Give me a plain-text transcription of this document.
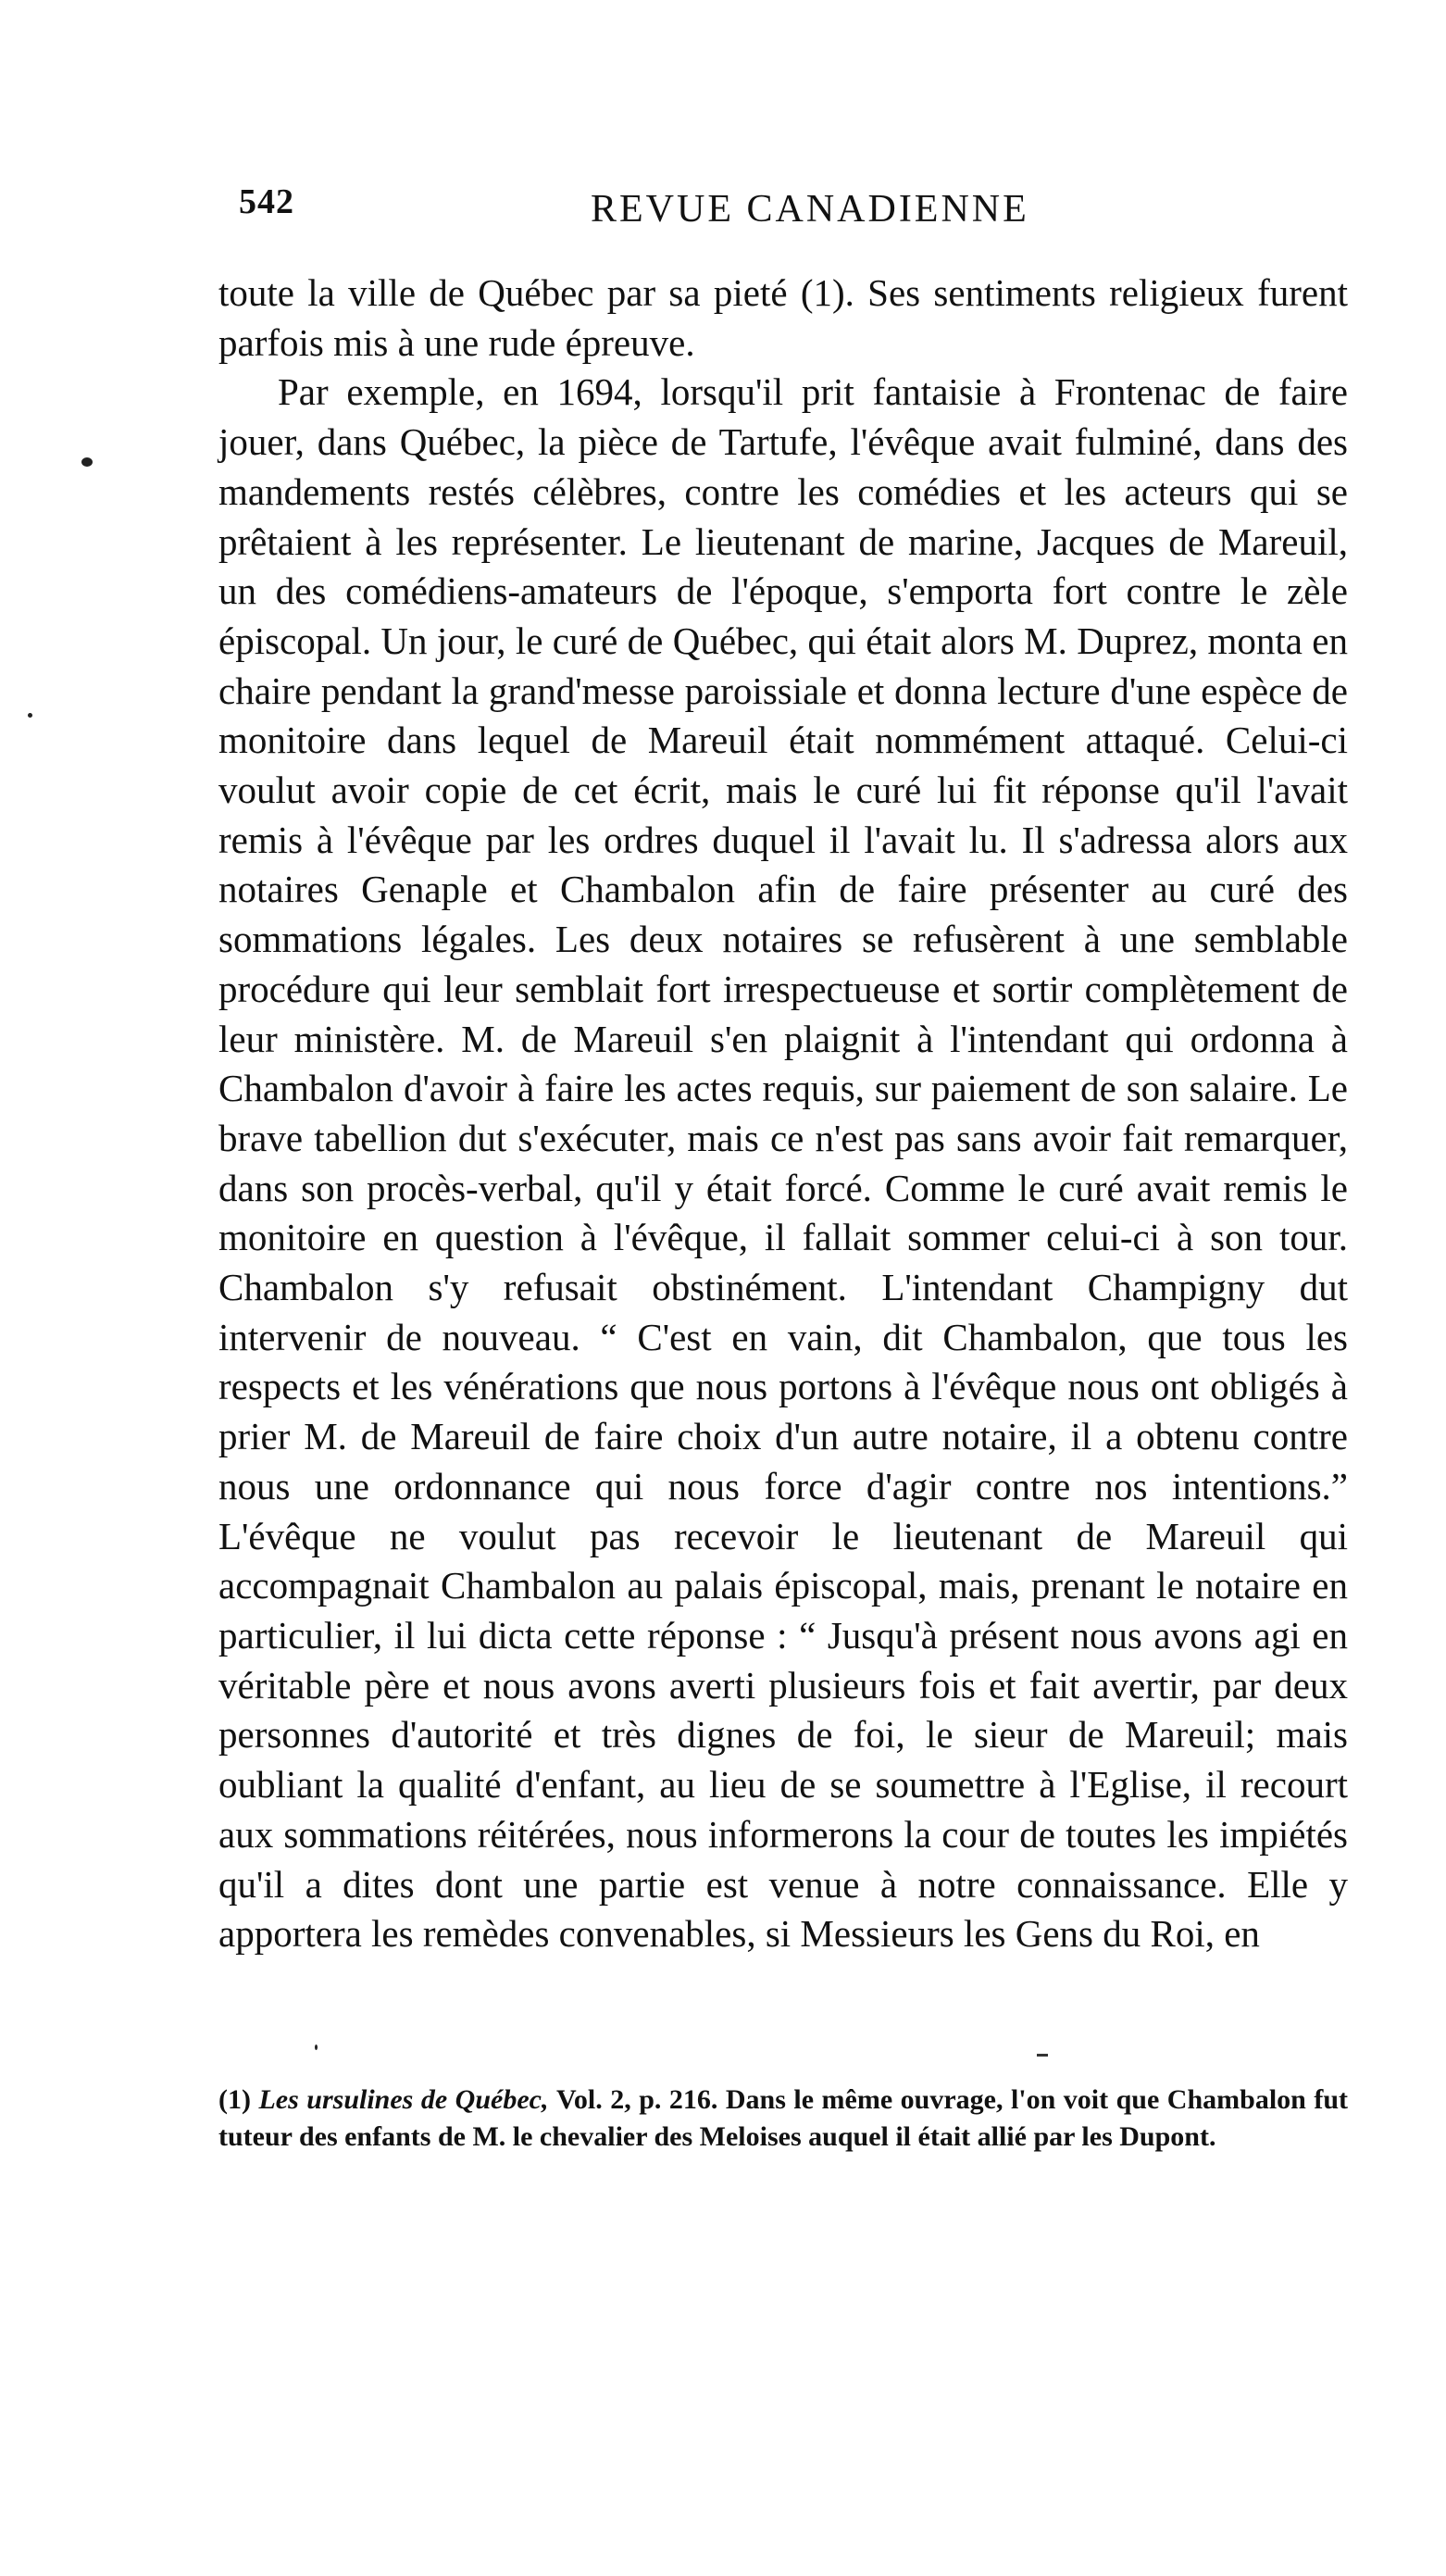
542	REVUE CANADIENNE

toute la ville de Québec par sa pieté (1). Ses sentiments religieux furent parfois mis à une rude épreuve.

Par exemple, en 1694, lorsqu'il prit fantaisie à Frontenac de faire jouer, dans Québec, la pièce de Tartufe, l'évêque avait fulminé, dans des mandements restés célèbres, contre les comédies et les acteurs qui se prêtaient à les représenter. Le lieutenant de marine, Jacques de Mareuil, un des comédiens-amateurs de l'époque, s'emporta fort contre le zèle épiscopal. Un jour, le curé de Québec, qui était alors M. Duprez, monta en chaire pendant la grand'messe paroissiale et donna lecture d'une espèce de monitoire dans lequel de Mareuil était nommément attaqué. Celui-ci voulut avoir copie de cet écrit, mais le curé lui fit réponse qu'il l'avait remis à l'évêque par les ordres duquel il l'avait lu. Il s'adressa alors aux notaires Genaple et Chambalon afin de faire présenter au curé des sommations légales. Les deux notaires se refusèrent à une semblable procédure qui leur semblait fort irrespectueuse et sortir complètement de leur ministère. M. de Mareuil s'en plaignit à l'intendant qui ordonna à Chambalon d'avoir à faire les actes requis, sur paiement de son salaire. Le brave tabellion dut s'exécuter, mais ce n'est pas sans avoir fait remarquer, dans son procès-verbal, qu'il y était forcé. Comme le curé avait remis le monitoire en question à l'évêque, il fallait sommer celui-ci à son tour. Chambalon s'y refusait obstinément. L'intendant Champigny dut intervenir de nouveau. “ C'est en vain, dit Chambalon, que tous les respects et les vénérations que nous portons à l'évêque nous ont obligés à prier M. de Mareuil de faire choix d'un autre notaire, il a obtenu contre nous une ordonnance qui nous force d'agir contre nos intentions.” L'évêque ne voulut pas recevoir le lieutenant de Mareuil qui accompagnait Chambalon au palais épiscopal, mais, prenant le notaire en particulier, il lui dicta cette réponse : “ Jusqu'à présent nous avons agi en véritable père et nous avons averti plusieurs fois et fait avertir, par deux personnes d'autorité et très dignes de foi, le sieur de Mareuil; mais oubliant la qualité d'enfant, au lieu de se soumettre à l'Eglise, il recourt aux sommations réitérées, nous informerons la cour de toutes les impiétés qu'il a dites dont une partie est venue à notre connaissance. Elle y apportera les remèdes convenables, si Messieurs les Gens du Roi, en

(1) Les ursulines de Québec, Vol. 2, p. 216. Dans le même ouvrage, l'on voit que Chambalon fut tuteur des enfants de M. le chevalier des Meloises auquel il était allié par les Dupont.
